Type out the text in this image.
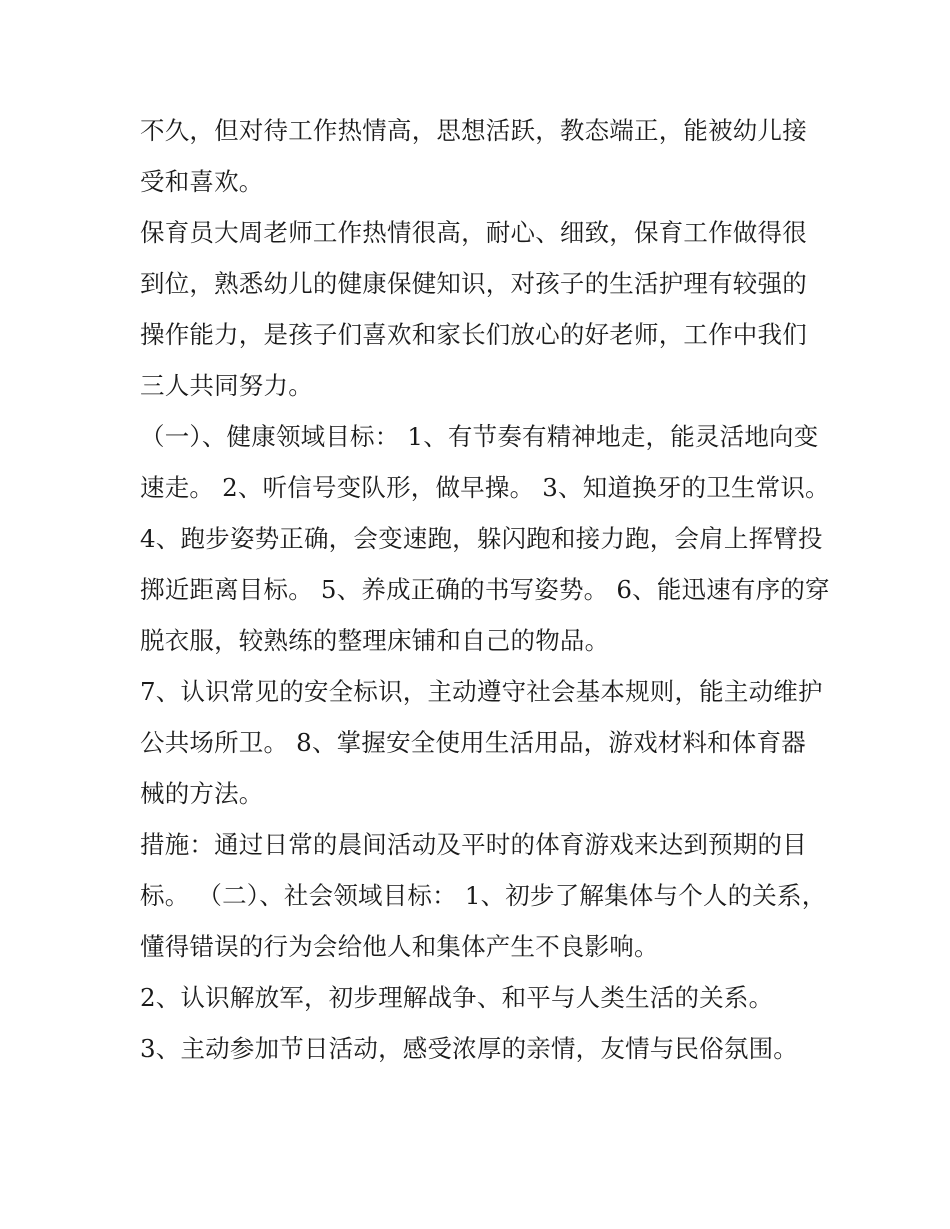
不久，但对待工作热情高，思想活跃，教态端正，能被幼儿接受和喜欢。

保育员大周老师工作热情很高，耐心、细致，保育工作做得很到位，熟悉幼儿的健康保健知识，对孩子的生活护理有较强的操作能力，是孩子们喜欢和家长们放心的好老师，工作中我们三人共同努力。

（一）、健康领域目标： 1、有节奏有精神地走，能灵活地向变速走。 2、听信号变队形，做早操。 3、知道换牙的卫生常识。

4、跑步姿势正确，会变速跑，躲闪跑和接力跑，会肩上挥臂投掷近距离目标。 5、养成正确的书写姿势。 6、能迅速有序的穿脱衣服，较熟练的整理床铺和自己的物品。

7、认识常见的安全标识，主动遵守社会基本规则，能主动维护公共场所卫。 8、掌握安全使用生活用品，游戏材料和体育器械的方法。

措施：通过日常的晨间活动及平时的体育游戏来达到预期的目标。 （二）、社会领域目标： 1、初步了解集体与个人的关系，懂得错误的行为会给他人和集体产生不良影响。

2、认识解放军，初步理解战争、和平与人类生活的关系。

3、主动参加节日活动，感受浓厚的亲情，友情与民俗氛围。
